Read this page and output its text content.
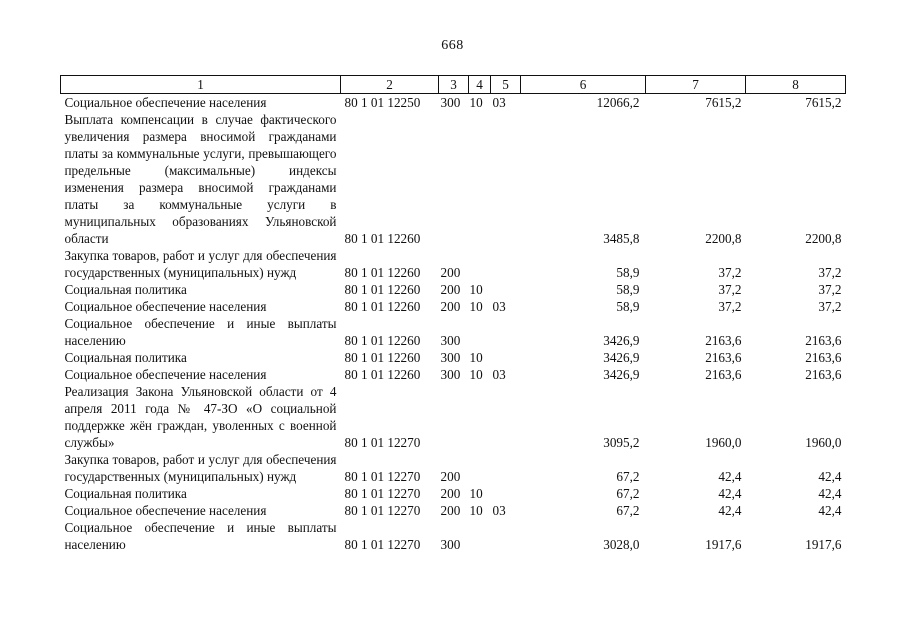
668
1	2	3	4	5	6	7	8
Социальное обеспечение населения	80 1 01 12250	300	10	03	12066,2	7615,2	7615,2
Выплата компенсации в случае фактического увеличения размера вносимой гражданами платы за коммунальные услуги, превышающего предельные (максимальные) индексы изменения размера вносимой гражданами платы за коммунальные услуги в муниципальных образованиях Ульяновской области	80 1 01 12260				3485,8	2200,8	2200,8
Закупка товаров, работ и услуг для обеспечения государственных (муниципальных) нужд	80 1 01 12260	200			58,9	37,2	37,2
Социальная политика	80 1 01 12260	200	10		58,9	37,2	37,2
Социальное обеспечение населения	80 1 01 12260	200	10	03	58,9	37,2	37,2
Социальное обеспечение и иные выплаты населению	80 1 01 12260	300			3426,9	2163,6	2163,6
Социальная политика	80 1 01 12260	300	10		3426,9	2163,6	2163,6
Социальное обеспечение населения	80 1 01 12260	300	10	03	3426,9	2163,6	2163,6
Реализация Закона Ульяновской области от 4 апреля 2011 года № 47-ЗО «О социальной поддержке жён граждан, уволенных с военной службы»	80 1 01 12270				3095,2	1960,0	1960,0
Закупка товаров, работ и услуг для обеспечения государственных (муниципальных) нужд	80 1 01 12270	200			67,2	42,4	42,4
Социальная политика	80 1 01 12270	200	10		67,2	42,4	42,4
Социальное обеспечение населения	80 1 01 12270	200	10	03	67,2	42,4	42,4
Социальное обеспечение и иные выплаты населению	80 1 01 12270	300			3028,0	1917,6	1917,6
